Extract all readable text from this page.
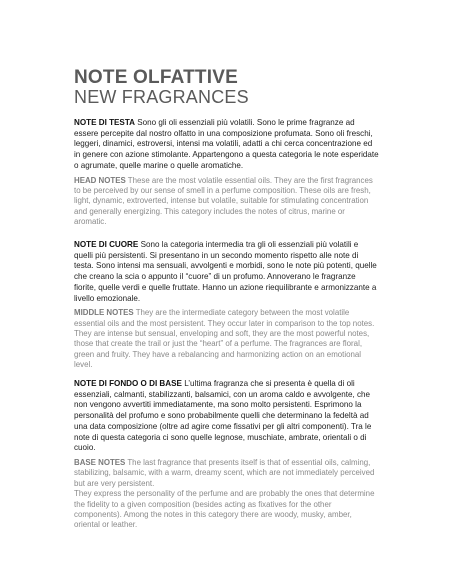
NOTE OLFATTIVE
NEW FRAGRANCES

NOTE DI TESTA Sono gli oli essenziali più volatili. Sono le prime fragranze ad essere percepite dal nostro olfatto in una composizione profumata. Sono oli freschi, leggeri, dinamici, estroversi, intensi ma volatili, adatti a chi cerca concentrazione ed in genere con azione stimolante. Appartengono a questa categoria le note esperidate o agrumate, quelle marine o quelle aromatiche.

HEAD NOTES These are the most volatile essential oils. They are the first fragrances to be perceived by our sense of smell in a perfume composition. These oils are fresh, light, dynamic, extroverted, intense but volatile, suitable for stimulating concentration and generally energizing. This category includes the notes of citrus, marine or aromatic.

NOTE DI CUORE Sono la categoria intermedia tra gli oli essenziali più volatili e quelli più persistenti. Si presentano in un secondo momento rispetto alle note di testa. Sono intensi ma sensuali, avvolgenti e morbidi, sono le note più potenti, quelle che creano la scia o appunto il “cuore” di un profumo. Annoverano le fragranze fiorite, quelle verdi e quelle fruttate. Hanno un azione riequilibrante e armonizzante a livello emozionale.

MIDDLE NOTES They are the intermediate category between the most volatile essential oils and the most persistent. They occur later in comparison to the top notes. They are intense but sensual, enveloping and soft, they are the most powerful notes, those that create the trail or just the “heart” of a perfume. The fragrances are floral, green and fruity. They have a rebalancing and harmonizing action on an emotional level.

NOTE DI FONDO O DI BASE L’ultima fragranza che si presenta è quella di oli essenziali, calmanti, stabilizzanti, balsamici, con un aroma caldo e avvolgente, che non vengono avvertiti immediatamente, ma sono molto persistenti. Esprimono la personalità del profumo e sono probabilmente quelli che determinano la fedeltà ad una data composizione (oltre ad agire come fissativi per gli altri componenti). Tra le note di questa categoria ci sono quelle legnose, muschiate, ambrate, orientali o di cuoio.

BASE NOTES The last fragrance that presents itself is that of essential oils, calming, stabilizing, balsamic, with a warm, dreamy scent, which are not immediately perceived but are very persistent.

They express the personality of the perfume and are probably the ones that determine the fidelity to a given composition (besides acting as fixatives for the other components). Among the notes in this category there are woody, musky, amber, oriental or leather.
